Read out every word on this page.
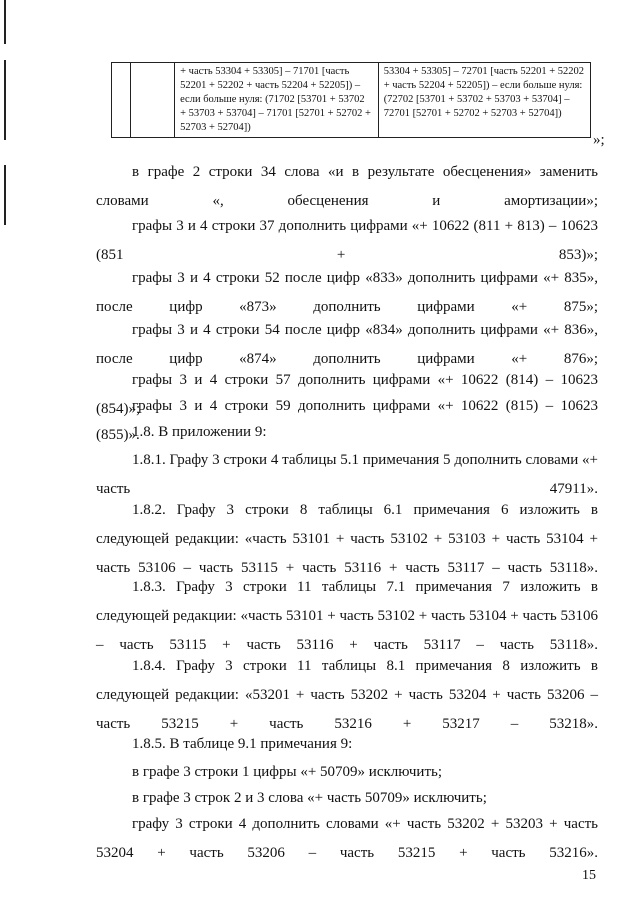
		+ часть 53304 + 53305] – 71701 [часть 52201 + 52202 + часть 52204 + 52205]) – если больше нуля: (71702 [53701 + 53702 + 53703 + 53704] – 71701 [52701 + 52702 + 52703 + 52704])	53304 + 53305] – 72701 [часть 52201 + 52202 + часть 52204 + 52205]) – если больше нуля: (72702 [53701 + 53702 + 53703 + 53704] – 72701 [52701 + 52702 + 52703 + 52704])
»;

в графе 2 строки 34 слова «и в результате обесценения» заменить словами «, обесценения и амортизации»;

графы 3 и 4 строки 37 дополнить цифрами «+ 10622 (811 + 813) – 10623 (851 + 853)»;

графы 3 и 4 строки 52 после цифр «833» дополнить цифрами «+ 835», после цифр «873» дополнить цифрами «+ 875»;

графы 3 и 4 строки 54 после цифр «834» дополнить цифрами «+ 836», после цифр «874» дополнить цифрами «+ 876»;

графы 3 и 4 строки 57 дополнить цифрами «+ 10622 (814) – 10623 (854)»;

графы 3 и 4 строки 59 дополнить цифрами «+ 10622 (815) – 10623 (855)».

1.8. В приложении 9:

1.8.1. Графу 3 строки 4 таблицы 5.1 примечания 5 дополнить словами «+ часть 47911».

1.8.2. Графу 3 строки 8 таблицы 6.1 примечания 6 изложить в следующей редакции: «часть 53101 + часть 53102 + 53103 + часть 53104 + часть 53106 – часть 53115 + часть 53116 + часть 53117 – часть 53118».

1.8.3. Графу 3 строки 11 таблицы 7.1 примечания 7 изложить в следующей редакции: «часть 53101 + часть 53102 + часть 53104 + часть 53106 – часть 53115 + часть 53116 + часть 53117 – часть 53118».

1.8.4. Графу 3 строки 11 таблицы 8.1 примечания 8 изложить в следующей редакции: «53201 + часть 53202 + часть 53204 + часть 53206 – часть 53215 + часть 53216 + 53217 – 53218».

1.8.5. В таблице 9.1 примечания 9:

в графе 3 строки 1 цифры «+ 50709» исключить;

в графе 3 строк 2 и 3 слова «+ часть 50709» исключить;

графу 3 строки 4 дополнить словами «+ часть 53202 + 53203 + часть 53204 + часть 53206 – часть 53215 + часть 53216».

15
